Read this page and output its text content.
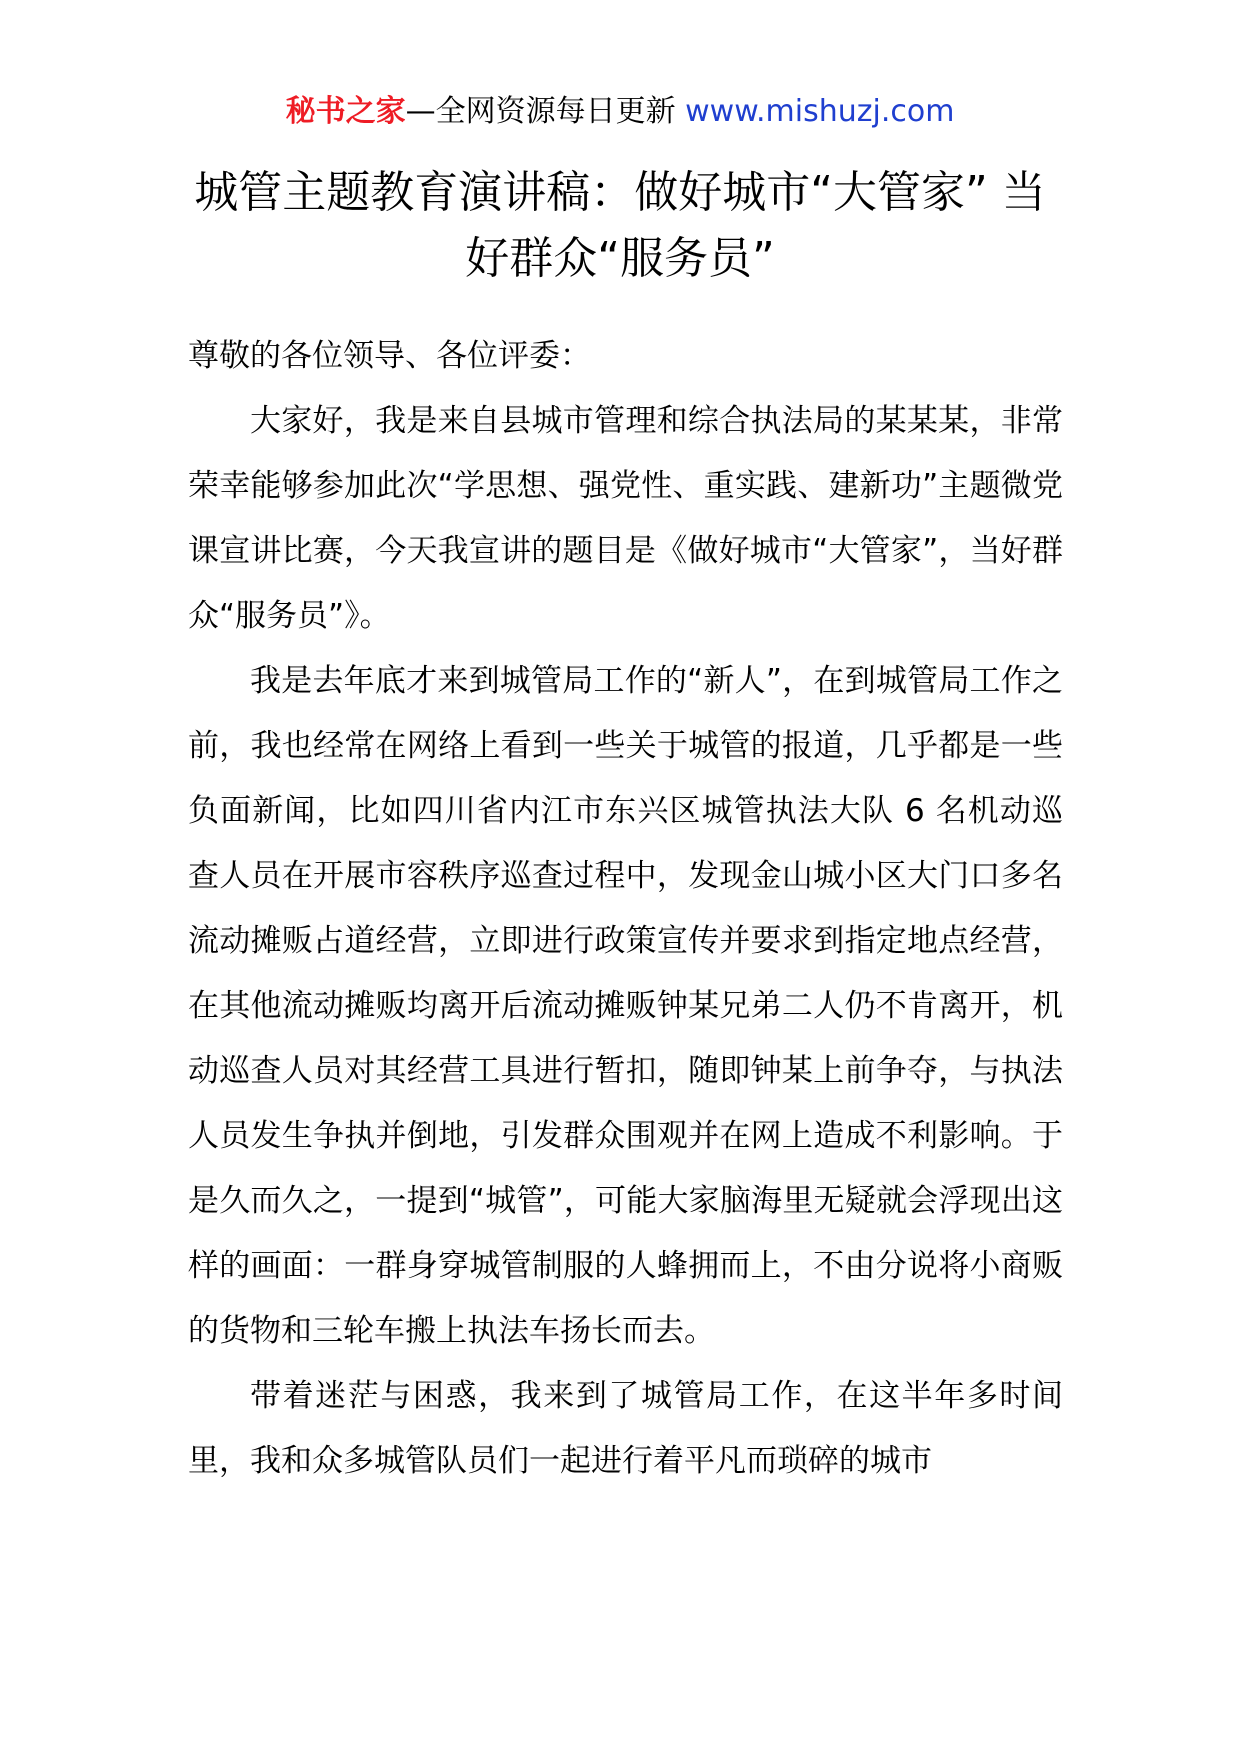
秘书之家—全网资源每日更新 www.mishuzj.com
城管主题教育演讲稿：做好城市“大管家” 当好群众“服务员”

尊敬的各位领导、各位评委：

大家好，我是来自县城市管理和综合执法局的某某某，非常荣幸能够参加此次“学思想、强党性、重实践、建新功”主题微党课宣讲比赛，今天我宣讲的题目是《做好城市“大管家”，当好群众“服务员”》。

我是去年底才来到城管局工作的“新人”，在到城管局工作之前，我也经常在网络上看到一些关于城管的报道，几乎都是一些负面新闻，比如四川省内江市东兴区城管执法大队 6 名机动巡查人员在开展市容秩序巡查过程中，发现金山城小区大门口多名流动摊贩占道经营，立即进行政策宣传并要求到指定地点经营，在其他流动摊贩均离开后流动摊贩钟某兄弟二人仍不肯离开，机动巡查人员对其经营工具进行暂扣，随即钟某上前争夺，与执法人员发生争执并倒地，引发群众围观并在网上造成不利影响。于是久而久之，一提到“城管”，可能大家脑海里无疑就会浮现出这样的画面：一群身穿城管制服的人蜂拥而上，不由分说将小商贩的货物和三轮车搬上执法车扬长而去。

带着迷茫与困惑，我来到了城管局工作，在这半年多时间里，我和众多城管队员们一起进行着平凡而琐碎的城市
